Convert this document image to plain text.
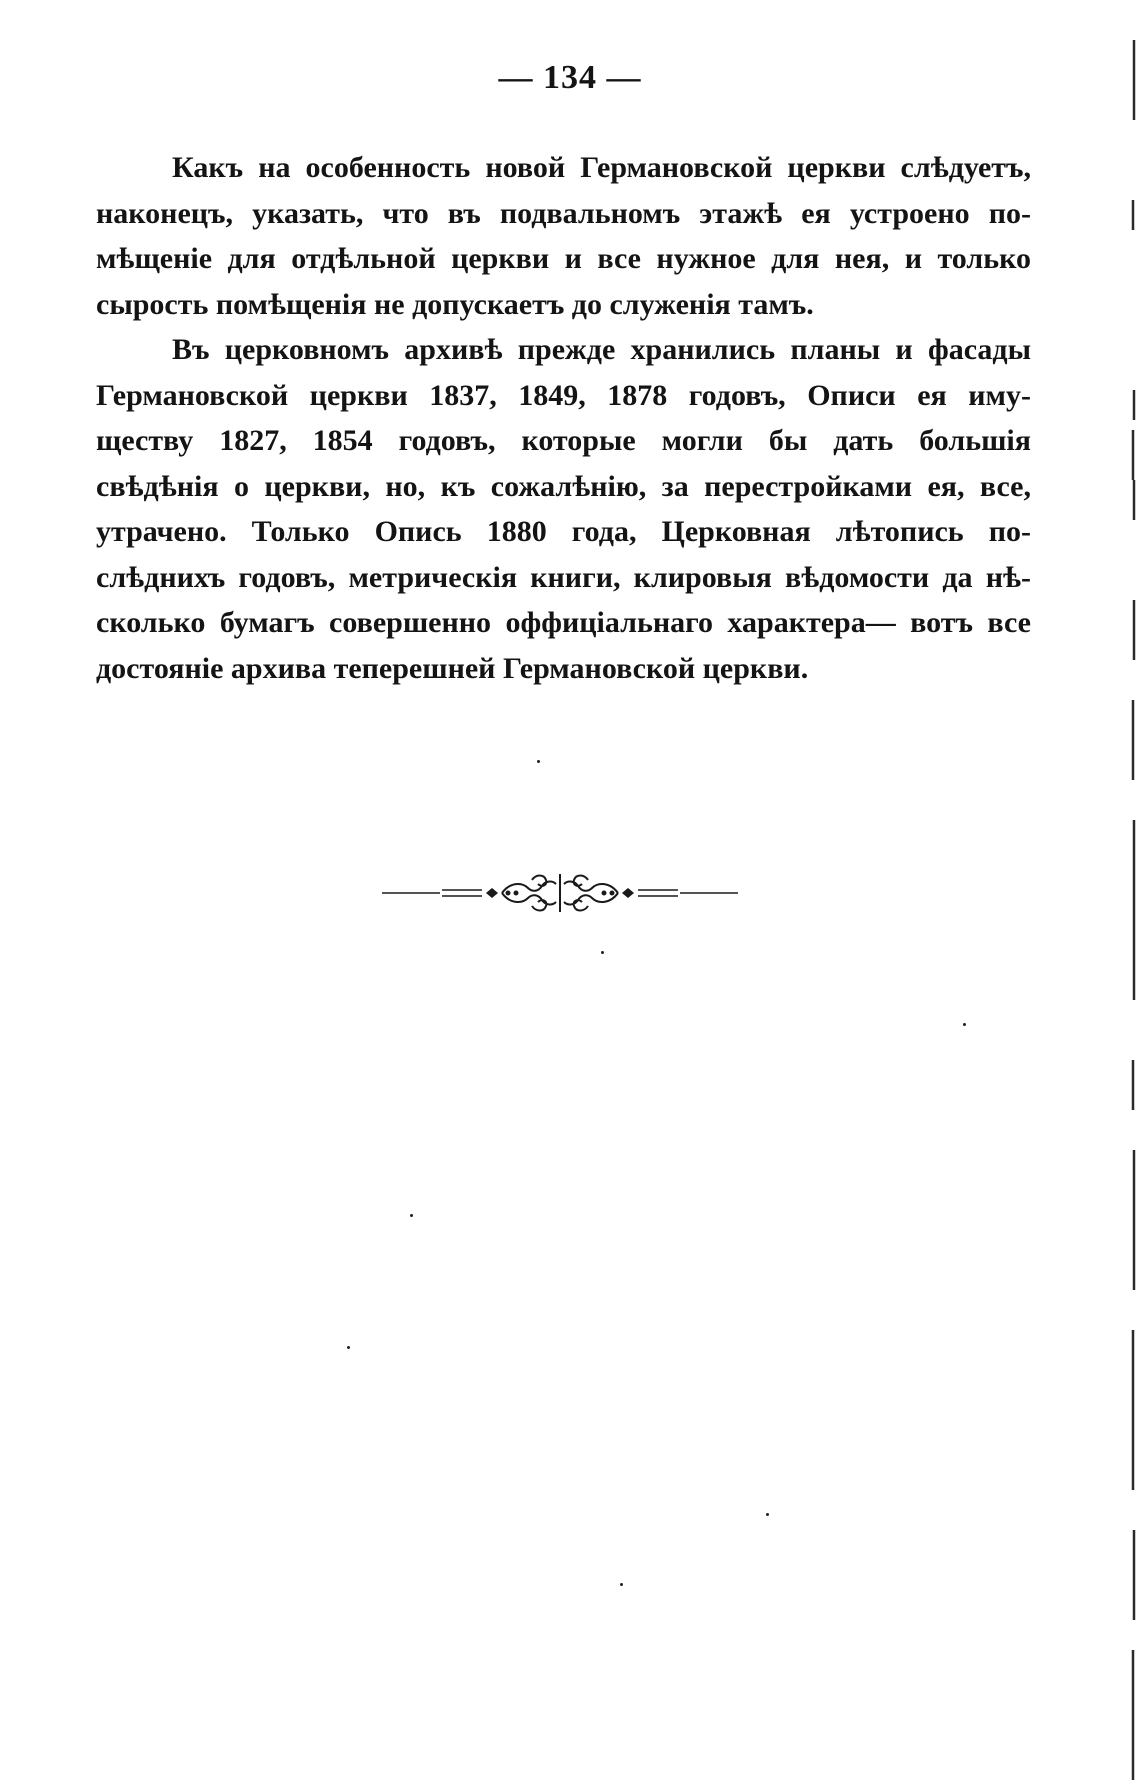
— 134 —
Какъ на особенность новой Германовской церкви слѣдуетъ,
наконецъ, указать, что въ подвальномъ этажѣ ея устроено по-
мѣщеніе для отдѣльной церкви и все нужное для нея, и только
сырость помѣщенія не допускаетъ до служенія тамъ.
Въ церковномъ архивѣ прежде хранились планы и фасады
Германовской церкви 1837, 1849, 1878 годовъ, Описи ея иму-
ществу 1827, 1854 годовъ, которые могли бы дать большія
свѣдѣнія о церкви, но, къ сожалѣнію, за перестройками ея, все,
утрачено. Только Опись 1880 года, Церковная лѣтопись по-
слѣднихъ годовъ, метрическія книги, клировыя вѣдомости да нѣ-
сколько бумагъ совершенно оффиціальнаго характера— вотъ все
достояніе архива теперешней Германовской церкви.
